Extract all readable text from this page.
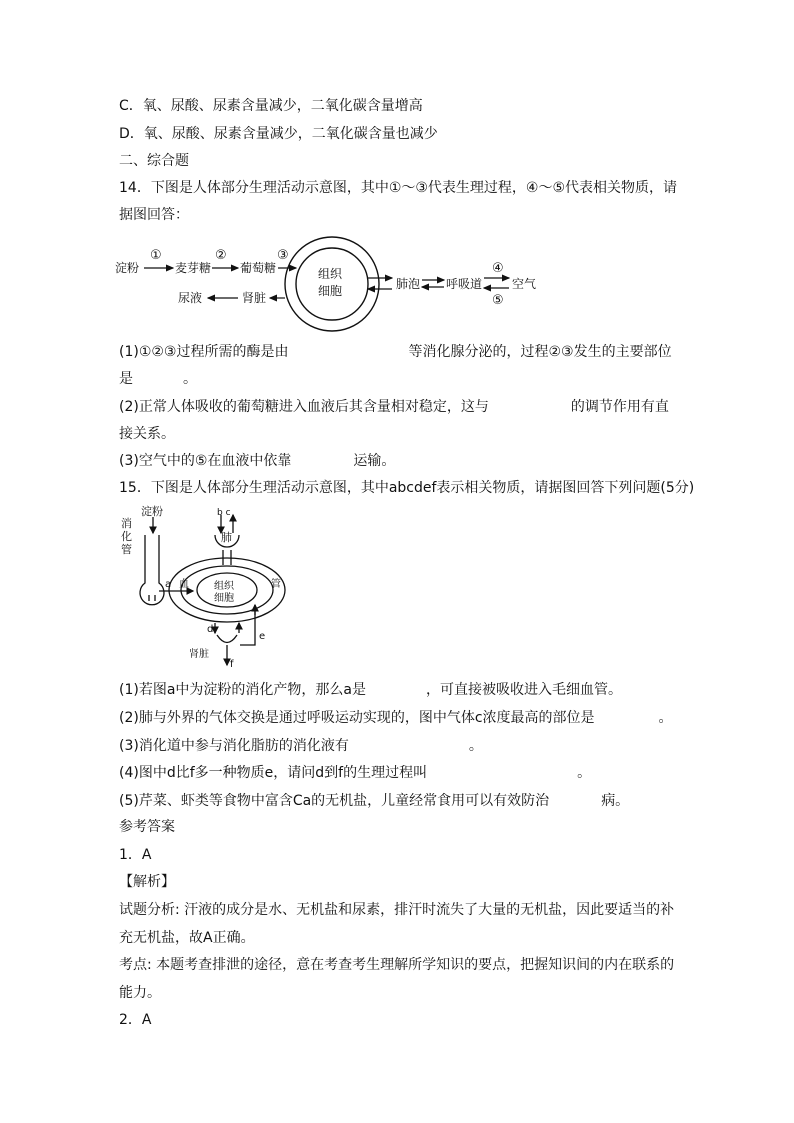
C．氧、尿酸、尿素含量减少，二氧化碳含量增高
D．氧、尿酸、尿素含量减少，二氧化碳含量也减少
二、综合题
14．下图是人体部分生理活动示意图，其中①～③代表生理过程，④～⑤代表相关物质，请
据图回答：
淀粉	麦芽糖 葡萄糖
①	②	③
组织
细胞	肺泡 呼吸道 空气
④
⑤
尿液	肾脏
(1)①②③过程所需的酶是由	等消化腺分泌的，过程②③发生的主要部位
是	。
(2)正常人体吸收的葡萄糖进入血液后其含量相对稳定，这与	的调节作用有直
接关系。
(3)空气中的⑤在血液中依靠	运输。
15．下图是人体部分生理活动示意图，其中abcdef表示相关物质，请据图回答下列问题(5分)
消
化
管
淀粉	b c
肺
a 血	管
组织
细胞
d
e
f
肾脏
(1)若图a中为淀粉的消化产物，那么a是	，可直接被吸收进入毛细血管。
(2)肺与外界的气体交换是通过呼吸运动实现的，图中气体c浓度最高的部位是	。
(3)消化道中参与消化脂肪的消化液有	。
(4)图中d比f多一种物质e，请问d到f的生理过程叫	。
(5)芹菜、虾类等食物中富含Ca的无机盐，儿童经常食用可以有效防治	病。
参考答案
1．A
【解析】
试题分析: 汗液的成分是水、无机盐和尿素，排汗时流失了大量的无机盐，因此要适当的补
充无机盐，故A正确。
考点: 本题考查排泄的途径，意在考查考生理解所学知识的要点，把握知识间的内在联系的
能力。
2．A
